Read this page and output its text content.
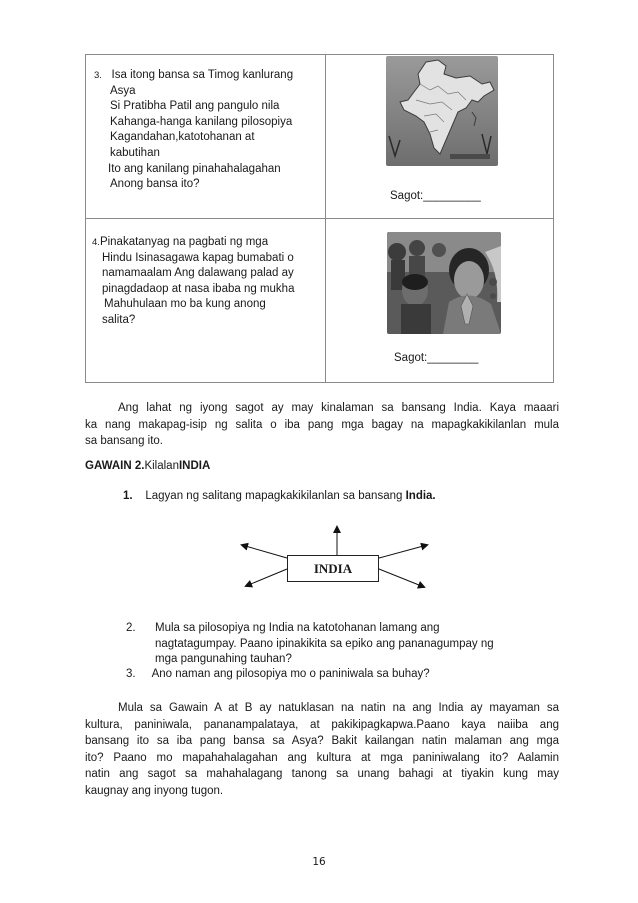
3. Isa itong bansa sa Timog kanlurang
Asya
Si Pratibha Patil ang pangulo nila
Kahanga-hanga kanilang pilosopiya
Kagandahan,katotohanan at
kabutihan
Ito ang kanilang pinahahalagahan
Anong bansa ito?
Sagot:_________
4.Pinakatanyag na pagbati ng mga
Hindu Isinasagawa kapag bumabati o
namamaalam Ang dalawang palad ay
pinagdadaop at nasa ibaba ng mukha
Mahuhulaan mo ba kung anong
salita?
Sagot:________
Ang lahat ng iyong sagot ay may kinalaman sa bansang India. Kaya maaari
ka nang makapag-isip ng salita o iba pang mga bagay na mapagkakikilanlan mula
sa bansang ito.
GAWAIN 2.KilalanINDIA
1. Lagyan ng salitang mapagkakikilanlan sa bansang India.
INDIA
2.	Mula sa pilosopiya ng India na katotohanan lamang ang
nagtatagumpay. Paano ipinakikita sa epiko ang pananagumpay ng
mga pangunahing tauhan?
3. Ano naman ang pilosopiya mo o paniniwala sa buhay?
Mula sa Gawain A at B ay natuklasan na natin na ang India ay mayaman sa
kultura, paniniwala, pananampalataya, at pakikipagkapwa.Paano kaya naiiba ang
bansang ito sa iba pang bansa sa Asya? Bakit kailangan natin malaman ang mga
ito? Paano mo mapahahalagahan ang kultura at mga paniniwalang ito? Aalamin
natin ang sagot sa mahahalagang tanong sa unang bahagi at tiyakin kung may
kaugnay ang inyong tugon.
16
